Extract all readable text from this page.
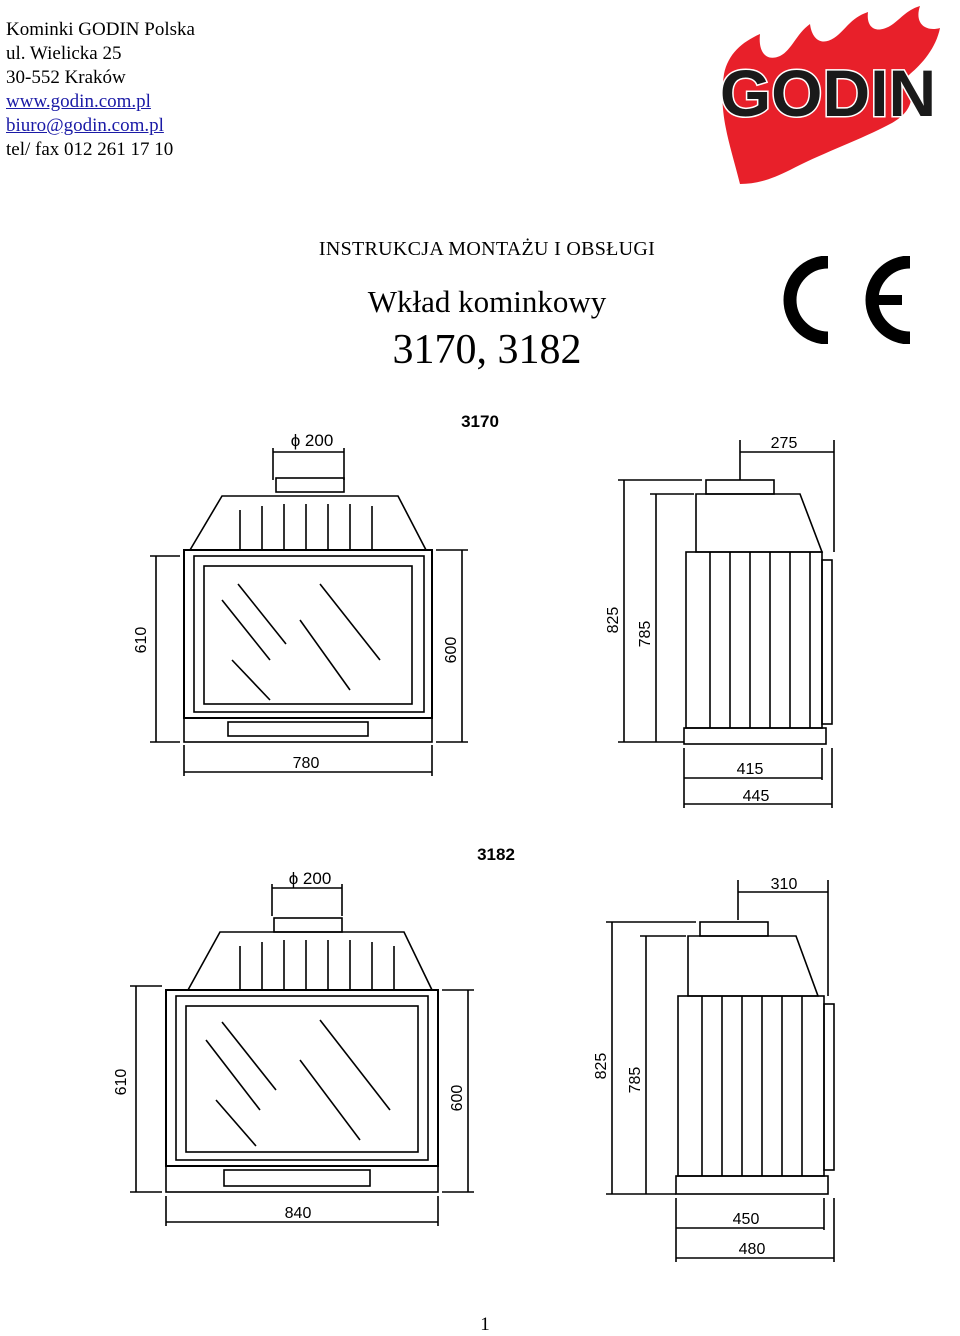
Kominki GODIN Polska
ul. Wielicka 25
30-552 Kraków
www.godin.com.pl
biuro@godin.com.pl
tel/ fax 012 261 17 10
GODIN
CE
INSTRUKCJA MONTAŻU I OBSŁUGI
Wkład kominkowy
3170, 3182
3170
ϕ 200
610	600
780
275
825
785
415
445
3182
ϕ 200
610
600
840
310
825
785
450
480
1
